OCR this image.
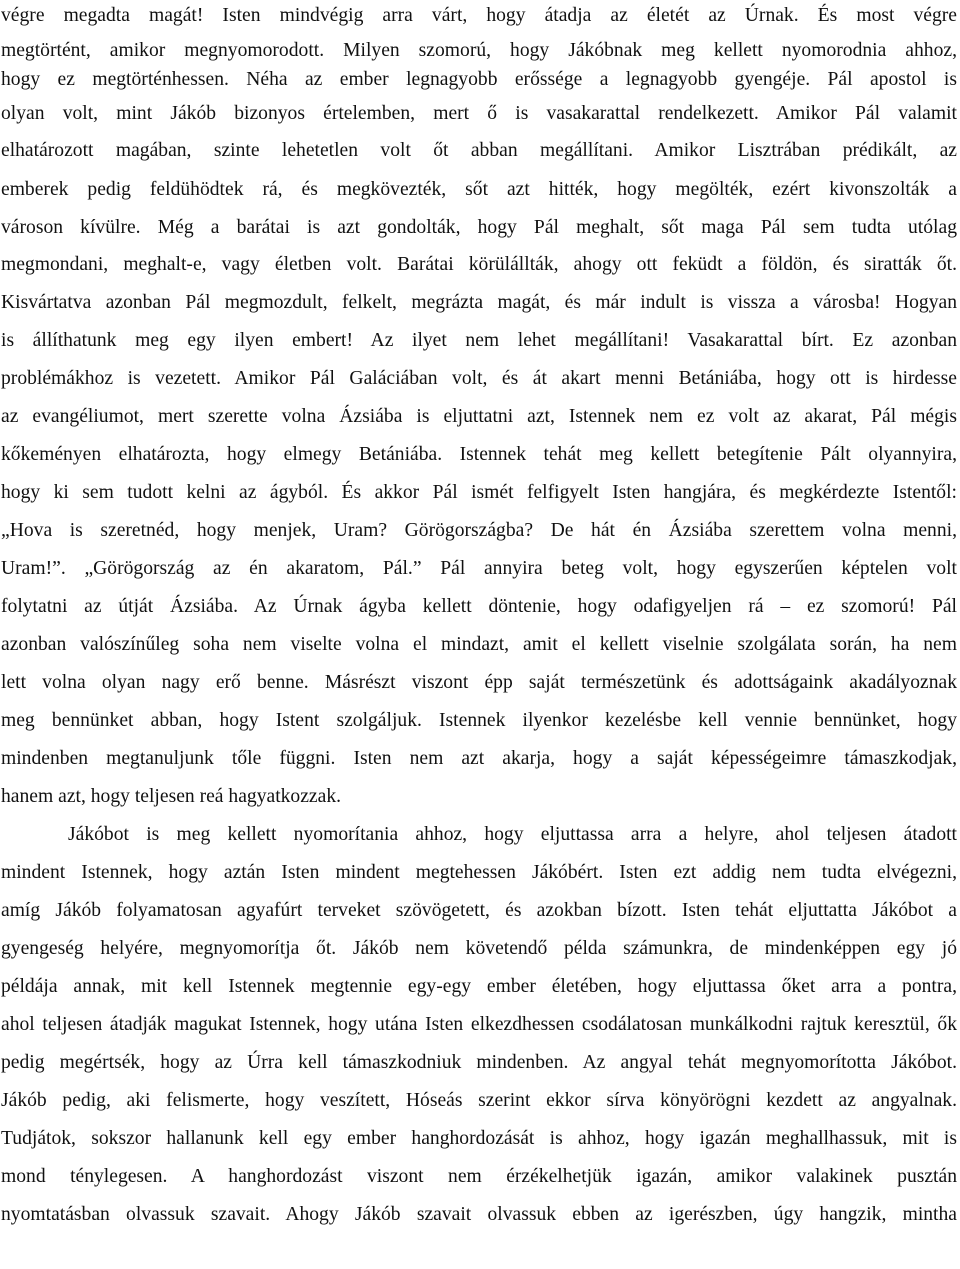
végre megadta magát! Isten mindvégig arra várt, hogy átadja az életét az Úrnak. És most végre
megtörtént, amikor megnyomorodott. Milyen szomorú, hogy Jákóbnak meg kellett nyomorodnia ahhoz,
hogy ez megtörténhessen. Néha az ember legnagyobb erőssége a legnagyobb gyengéje. Pál apostol is
olyan volt, mint Jákób bizonyos értelemben, mert ő is vasakarattal rendelkezett. Amikor Pál valamit
elhatározott magában, szinte lehetetlen volt őt abban megállítani. Amikor Lisztrában prédikált, az
emberek pedig feldühödtek rá, és megkövezték, sőt azt hitték, hogy megölték, ezért kivonszolták a
városon kívülre. Még a barátai is azt gondolták, hogy Pál meghalt, sőt maga Pál sem tudta utólag
megmondani, meghalt-e, vagy életben volt. Barátai körülállták, ahogy ott feküdt a földön, és siratták őt.
Kisvártatva azonban Pál megmozdult, felkelt, megrázta magát, és már indult is vissza a városba! Hogyan
is állíthatunk meg egy ilyen embert! Az ilyet nem lehet megállítani! Vasakarattal bírt. Ez azonban
problémákhoz is vezetett. Amikor Pál Galáciában volt, és át akart menni Betániába, hogy ott is hirdesse
az evangéliumot, mert szerette volna Ázsiába is eljuttatni azt, Istennek nem ez volt az akarat, Pál mégis
kőkeményen elhatározta, hogy elmegy Betániába. Istennek tehát meg kellett betegítenie Pált olyannyira,
hogy ki sem tudott kelni az ágyból. És akkor Pál ismét felfigyelt Isten hangjára, és megkérdezte Istentől:
„Hova is szeretnéd, hogy menjek, Uram? Görögországba? De hát én Ázsiába szerettem volna menni,
Uram!”. „Görögország az én akaratom, Pál.” Pál annyira beteg volt, hogy egyszerűen képtelen volt
folytatni az útját Ázsiába. Az Úrnak ágyba kellett döntenie, hogy odafigyeljen rá – ez szomorú! Pál
azonban valószínűleg soha nem viselte volna el mindazt, amit el kellett viselnie szolgálata során, ha nem
lett volna olyan nagy erő benne. Másrészt viszont épp saját természetünk és adottságaink akadályoznak
meg bennünket abban, hogy Istent szolgáljuk. Istennek ilyenkor kezelésbe kell vennie bennünket, hogy
mindenben megtanuljunk tőle függni. Isten nem azt akarja, hogy a saját képességeimre támaszkodjak,
hanem azt, hogy teljesen reá hagyatkozzak.
Jákóbot is meg kellett nyomorítania ahhoz, hogy eljuttassa arra a helyre, ahol teljesen átadott
mindent Istennek, hogy aztán Isten mindent megtehessen Jákóbért. Isten ezt addig nem tudta elvégezni,
amíg Jákób folyamatosan agyafúrt terveket szövögetett, és azokban bízott. Isten tehát eljuttatta Jákóbot a
gyengeség helyére, megnyomorítja őt. Jákób nem követendő példa számunkra, de mindenképpen egy jó
példája annak, mit kell Istennek megtennie egy-egy ember életében, hogy eljuttassa őket arra a pontra,
ahol teljesen átadják magukat Istennek, hogy utána Isten elkezdhessen csodálatosan munkálkodni rajtuk keresztül, ők
pedig megértsék, hogy az Úrra kell támaszkodniuk mindenben. Az angyal tehát megnyomorította Jákóbot.
Jákób pedig, aki felismerte, hogy veszített, Hóseás szerint ekkor sírva könyörögni kezdett az angyalnak.
Tudjátok, sokszor hallanunk kell egy ember hanghordozását is ahhoz, hogy igazán meghallhassuk, mit is
mond ténylegesen. A hanghordozást viszont nem érzékelhetjük igazán, amikor valakinek pusztán
nyomtatásban olvassuk szavait. Ahogy Jákób szavait olvassuk ebben az igerészben, úgy hangzik, mintha
